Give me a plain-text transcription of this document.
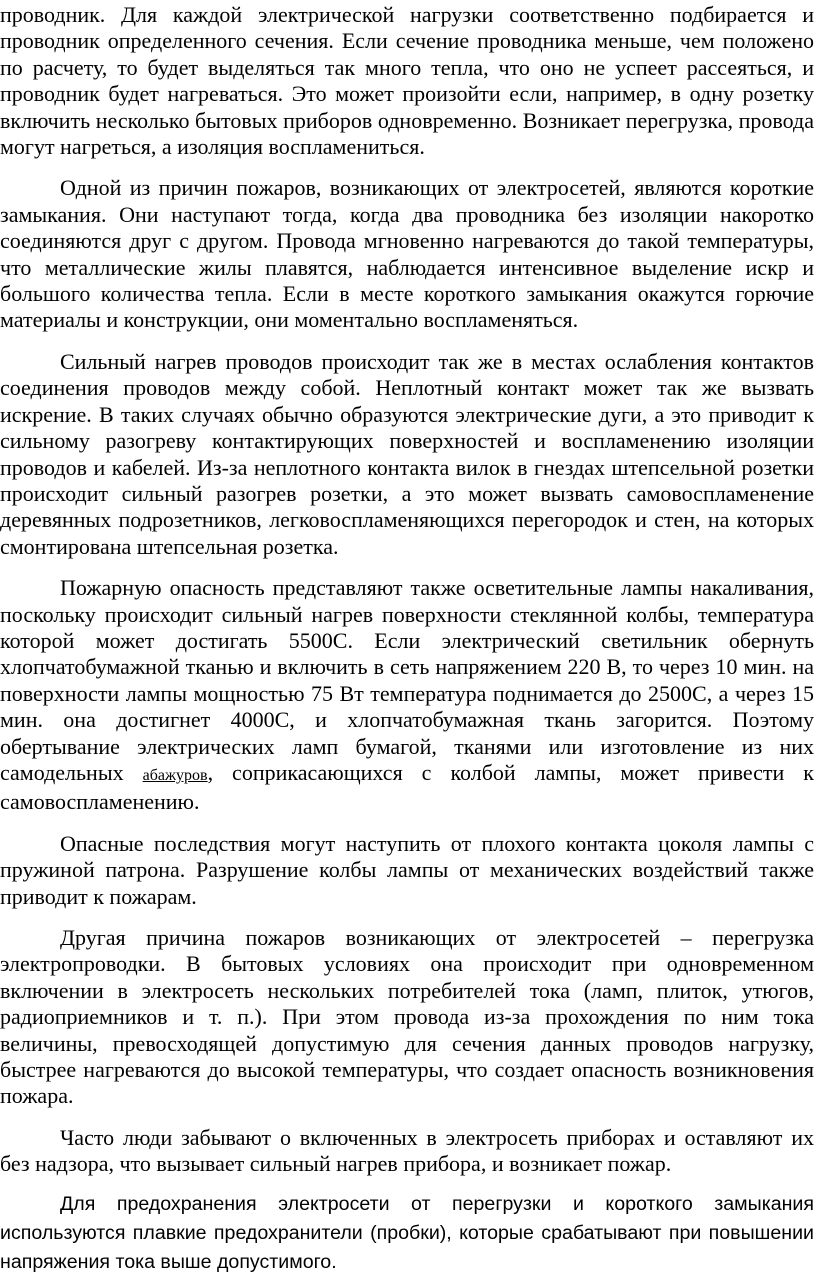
проводник. Для каждой электрической нагрузки соответственно подбирается и проводник определенного сечения. Если сечение проводника меньше, чем положено по расчету, то будет выделяться так много тепла, что оно не успеет рассеяться, и проводник будет нагреваться. Это может произойти если, например, в одну розетку включить несколько бытовых приборов одновременно. Возникает перегрузка, провода могут нагреться, а изоляция воспламениться.

Одной из причин пожаров, возникающих от электросетей, являются короткие замыкания. Они наступают тогда, когда два проводника без изоляции накоротко соединяются друг с другом. Провода мгновенно нагреваются до такой температуры, что металлические жилы плавятся, наблюдается интенсивное выделение искр и большого количества тепла. Если в месте короткого замыкания окажутся горючие материалы и конструкции, они моментально воспламеняться.

Сильный нагрев проводов происходит так же в местах ослабления контактов соединения проводов между собой. Неплотный контакт может так же вызвать искрение. В таких случаях обычно образуются электрические дуги, а это приводит к сильному разогреву контактирующих поверхностей и воспламенению изоляции проводов и кабелей. Из-за неплотного контакта вилок в гнездах штепсельной розетки происходит сильный разогрев розетки, а это может вызвать самовоспламенение деревянных подрозетников, легковоспламеняющихся перегородок и стен, на которых смонтирована штепсельная розетка.

Пожарную опасность представляют также осветительные лампы накаливания, поскольку происходит сильный нагрев поверхности стеклянной колбы, температура которой может достигать 5500С. Если электрический светильник обернуть хлопчатобумажной тканью и включить в сеть напряжением 220 В, то через 10 мин. на поверхности лампы мощностью 75 Вт температура поднимается до 2500С, а через 15 мин. она достигнет 4000С, и хлопчатобумажная ткань загорится. Поэтому обертывание электрических ламп бумагой, тканями или изготовление из них самодельных абажуров, соприкасающихся с колбой лампы, может привести к самовоспламенению.

Опасные последствия могут наступить от плохого контакта цоколя лампы с пружиной патрона. Разрушение колбы лампы от механических воздействий также приводит к пожарам.

Другая причина пожаров возникающих от электросетей – перегрузка электропроводки. В бытовых условиях она происходит при одновременном включении в электросеть нескольких потребителей тока (ламп, плиток, утюгов, радиоприемников и т. п.). При этом провода из-за прохождения по ним тока величины, превосходящей допустимую для сечения данных проводов нагрузку, быстрее нагреваются до высокой температуры, что создает опасность возникновения пожара.

Часто люди забывают о включенных в электросеть приборах и оставляют их без надзора, что вызывает сильный нагрев прибора, и возникает пожар.

Для предохранения электросети от перегрузки и короткого замыкания используются плавкие предохранители (пробки), которые срабатывают при повышении напряжения тока выше допустимого.
